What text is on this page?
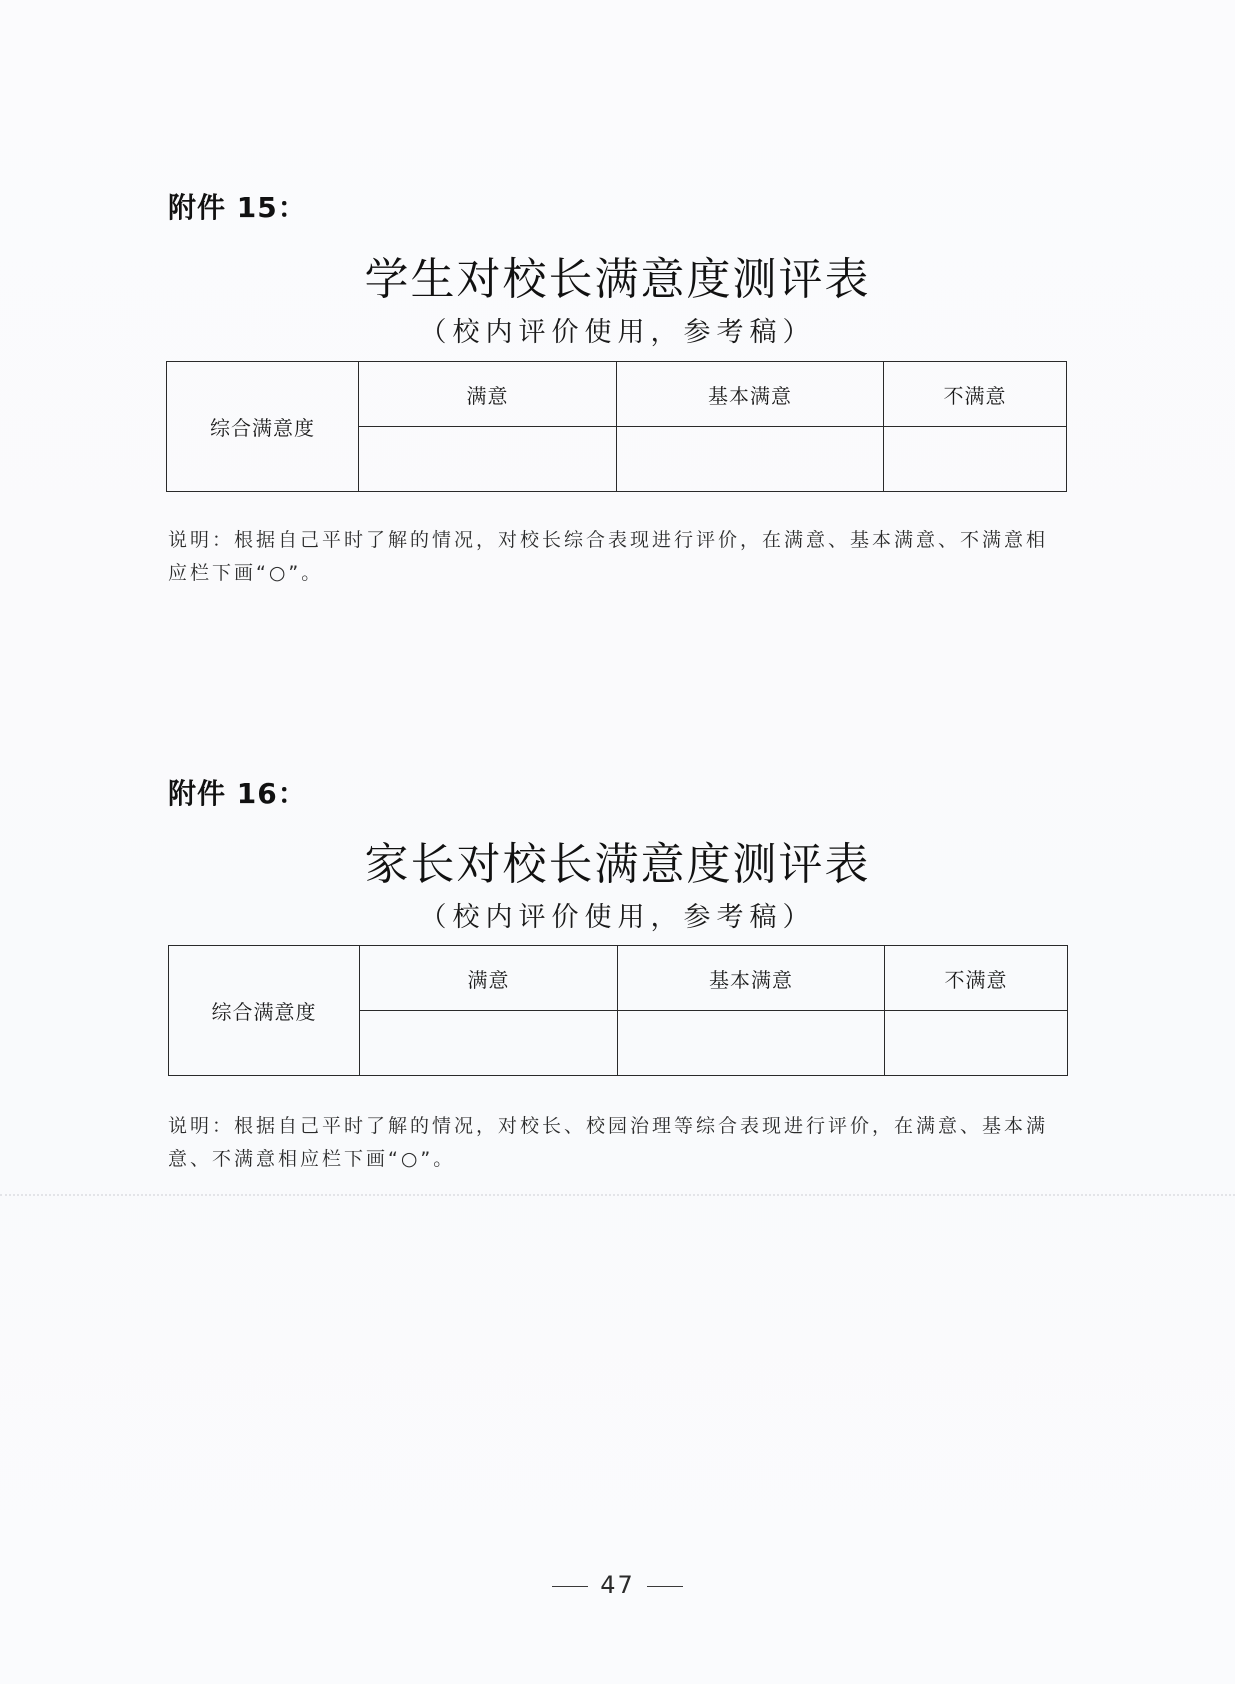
附件 15：
学生对校长满意度测评表
（校内评价使用，参考稿）
综合满意度	满意	基本满意	不满意

说明：根据自己平时了解的情况，对校长综合表现进行评价，在满意、基本满意、不满意相应栏下画“○”。
附件 16：
家长对校长满意度测评表
（校内评价使用，参考稿）
综合满意度	满意	基本满意	不满意

说明：根据自己平时了解的情况，对校长、校园治理等综合表现进行评价，在满意、基本满意、不满意相应栏下画“○”。
47
